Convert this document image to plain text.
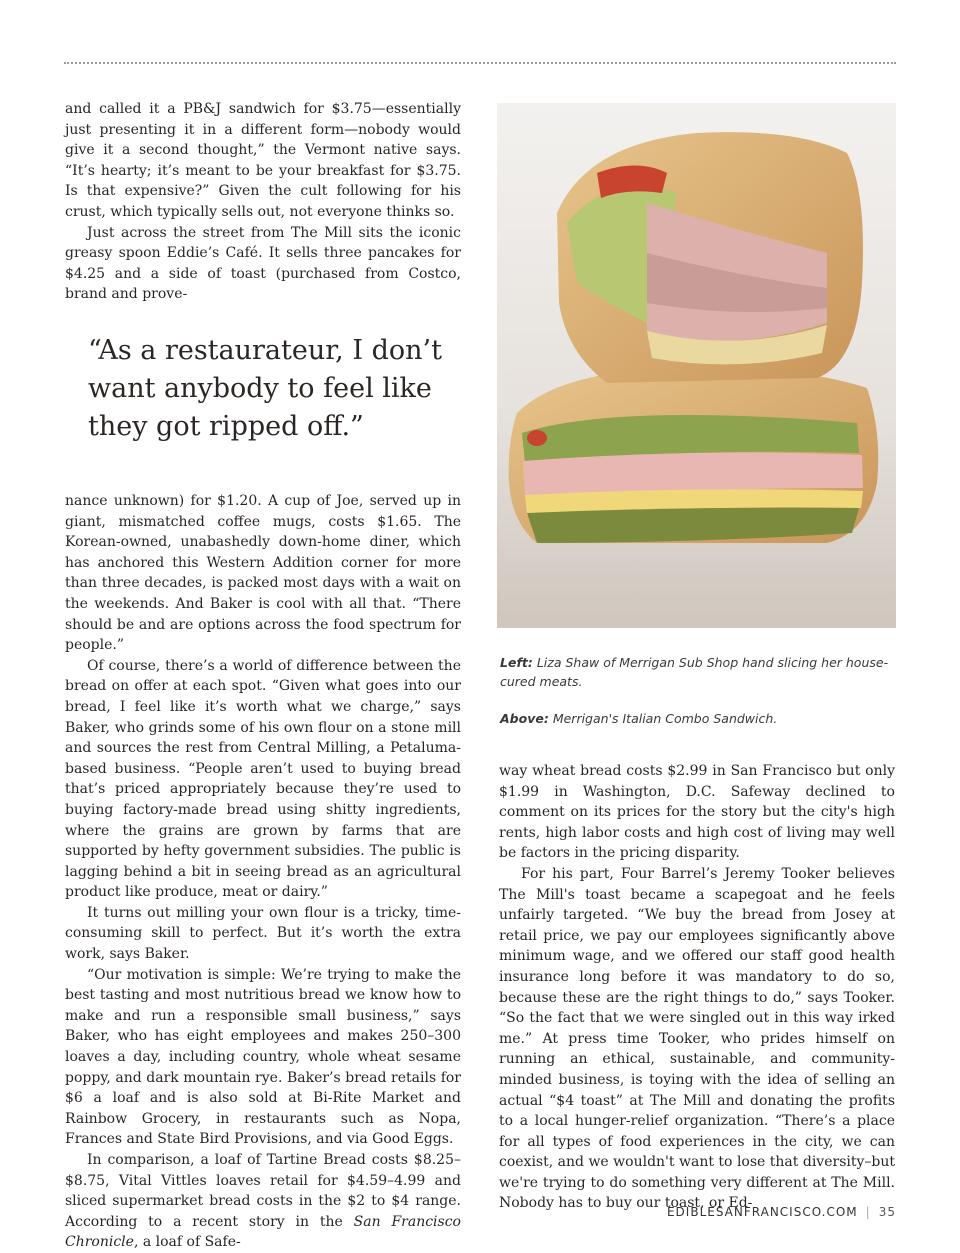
and called it a PB&J sandwich for $3.75—essentially just presenting it in a different form—nobody would give it a second thought,” the Vermont native says. “It’s hearty; it’s meant to be your breakfast for $3.75. Is that expensive?” Given the cult following for his crust, which typically sells out, not everyone thinks so.

Just across the street from The Mill sits the iconic greasy spoon Eddie’s Café. It sells three pancakes for $4.25 and a side of toast (purchased from Costco, brand and prove-

“As a restaurateur, I don’t want anybody to feel like they got ripped off.”

nance unknown) for $1.20. A cup of Joe, served up in giant, mismatched coffee mugs, costs $1.65. The Korean-owned, unabashedly down-home diner, which has anchored this Western Addition corner for more than three decades, is packed most days with a wait on the weekends. And Baker is cool with all that. “There should be and are options across the food spectrum for people.”

Of course, there’s a world of difference between the bread on offer at each spot. “Given what goes into our bread, I feel like it’s worth what we charge,” says Baker, who grinds some of his own flour on a stone mill and sources the rest from Central Milling, a Petaluma-based business. “People aren’t used to buying bread that’s priced appropriately because they’re used to buying factory-made bread using shitty ingredients, where the grains are grown by farms that are supported by hefty government subsidies. The public is lagging behind a bit in seeing bread as an agricultural product like produce, meat or dairy.”

It turns out milling your own flour is a tricky, time-consuming skill to perfect. But it’s worth the extra work, says Baker.

“Our motivation is simple: We’re trying to make the best tasting and most nutritious bread we know how to make and run a responsible small business,” says Baker, who has eight employees and makes 250–300 loaves a day, including country, whole wheat sesame poppy, and dark mountain rye. Baker’s bread retails for $6 a loaf and is also sold at Bi-Rite Market and Rainbow Grocery, in restaurants such as Nopa, Frances and State Bird Provisions, and via Good Eggs.

In comparison, a loaf of Tartine Bread costs $8.25–$8.75, Vital Vittles loaves retail for $4.59–4.99 and sliced supermarket bread costs in the $2 to $4 range. According to a recent story in the San Francisco Chronicle, a loaf of Safe-

Left: Liza Shaw of Merrigan Sub Shop hand slicing her house-cured meats.

Above: Merrigan's Italian Combo Sandwich.

way wheat bread costs $2.99 in San Francisco but only $1.99 in Washington, D.C. Safeway declined to comment on its prices for the story but the city's high rents, high labor costs and high cost of living may well be factors in the pricing disparity.

For his part, Four Barrel’s Jeremy Tooker believes The Mill's toast became a scapegoat and he feels unfairly targeted. “We buy the bread from Josey at retail price, we pay our employees significantly above minimum wage, and we offered our staff good health insurance long before it was mandatory to do so, because these are the right things to do,” says Tooker. “So the fact that we were singled out in this way irked me.” At press time Tooker, who prides himself on running an ethical, sustainable, and community-minded business, is toying with the idea of selling an actual “$4 toast” at The Mill and donating the profits to a local hunger-relief organization. “There’s a place for all types of food experiences in the city, we can coexist, and we wouldn't want to lose that diversity–but we're trying to do something very different at The Mill. Nobody has to buy our toast, or Ed-

EDIBLESANFRANCISCO.COM | 35
